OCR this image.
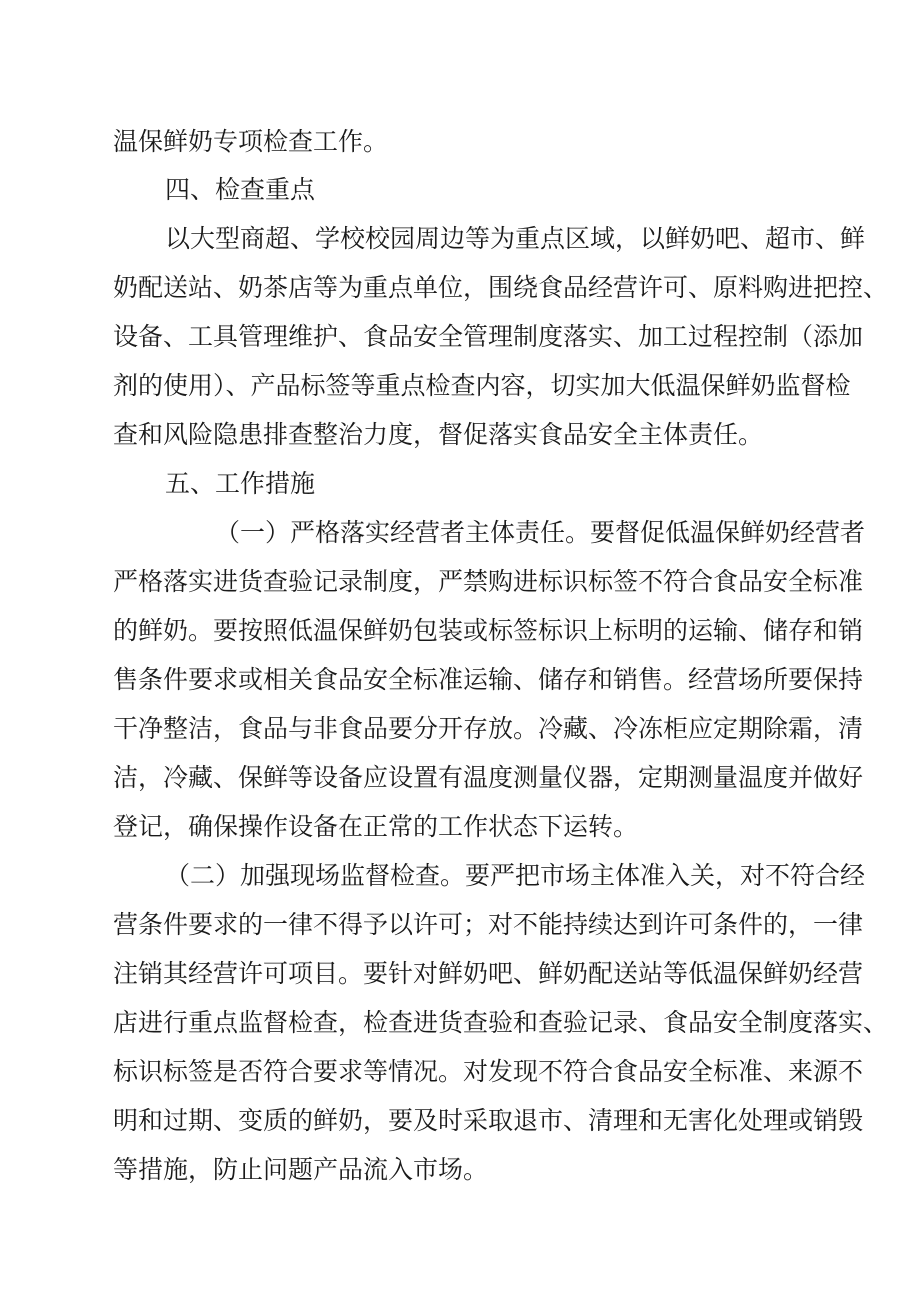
温保鲜奶专项检查工作。
四、检查重点
以大型商超、学校校园周边等为重点区域，以鲜奶吧、超市、鲜
奶配送站、奶茶店等为重点单位，围绕食品经营许可、原料购进把控、
设备、工具管理维护、食品安全管理制度落实、加工过程控制（添加
剂的使用）、产品标签等重点检查内容，切实加大低温保鲜奶监督检
查和风险隐患排查整治力度，督促落实食品安全主体责任。
五、工作措施
（一）严格落实经营者主体责任。要督促低温保鲜奶经营者
严格落实进货查验记录制度，严禁购进标识标签不符合食品安全标准
的鲜奶。要按照低温保鲜奶包装或标签标识上标明的运输、储存和销
售条件要求或相关食品安全标准运输、储存和销售。经营场所要保持
干净整洁，食品与非食品要分开存放。冷藏、冷冻柜应定期除霜，清
洁，冷藏、保鲜等设备应设置有温度测量仪器，定期测量温度并做好
登记，确保操作设备在正常的工作状态下运转。
（二）加强现场监督检查。要严把市场主体准入关，对不符合经
营条件要求的一律不得予以许可；对不能持续达到许可条件的，一律
注销其经营许可项目。要针对鲜奶吧、鲜奶配送站等低温保鲜奶经营
店进行重点监督检查，检查进货查验和查验记录、食品安全制度落实、
标识标签是否符合要求等情况。对发现不符合食品安全标准、来源不
明和过期、变质的鲜奶，要及时采取退市、清理和无害化处理或销毁
等措施，防止问题产品流入市场。
